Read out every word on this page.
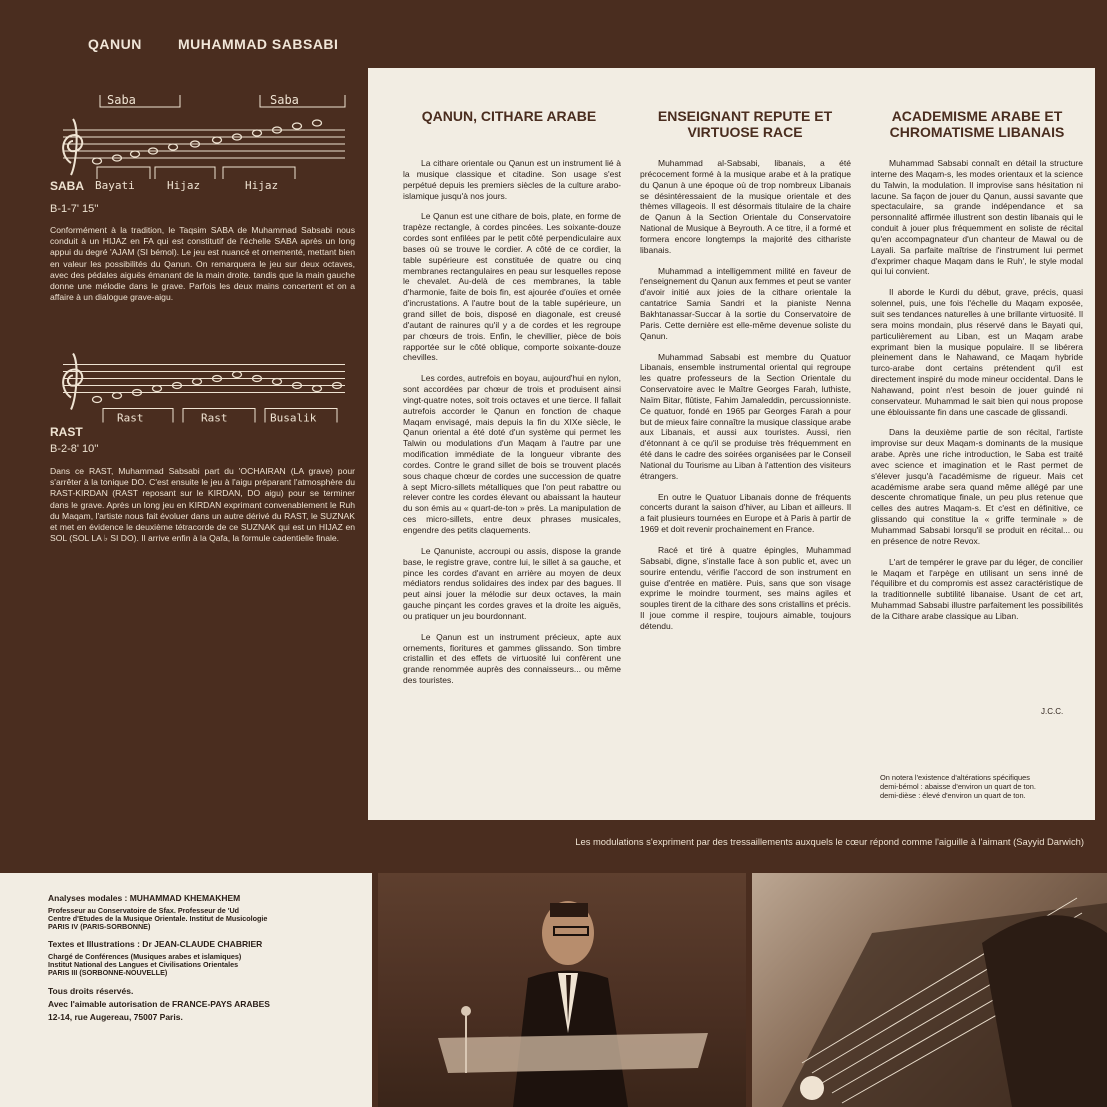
QANUN	MUHAMMAD SABSABI
Saba	Saba
Bayati	Hijaz	Hijaz
SABA
B-1-7' 15''
Conformément à la tradition, le Taqsim SABA de Muhammad Sabsabi nous conduit à un HIJAZ en FA qui est constitutif de l'échelle SABA après un long appui du degré 'AJAM (SI bémol). Le jeu est nuancé et ornementé, mettant bien en valeur les possibilités du Qanun. On remarquera le jeu sur deux octaves, avec des pédales aiguës émanant de la main droite. tandis que la main gauche donne une mélodie dans le grave. Parfois les deux mains concertent et on a affaire à un dialogue grave-aigu.
Rast	Rast	Busalik
RAST
B-2-8' 10''
Dans ce RAST, Muhammad Sabsabi part du 'OCHAIRAN (LA grave) pour s'arrêter à la tonique DO. C'est ensuite le jeu à l'aigu préparant l'atmosphère du RAST-KIRDAN (RAST reposant sur le KIRDAN, DO aigu) pour se terminer dans le grave. Après un long jeu en KIRDAN exprimant convenablement le Ruh du Maqam, l'artiste nous fait évoluer dans un autre dérivé du RAST, le SUZNAK et met en évidence le deuxième tétracorde de ce SUZNAK qui est un HIJAZ en SOL (SOL LA ♭ SI DO). Il arrive enfin à la Qafa, la formule cadentielle finale.
QANUN, CITHARE ARABE

La cithare orientale ou Qanun est un instrument lié à la musique classique et citadine. Son usage s'est perpétué depuis les premiers siècles de la culture arabo-islamique jusqu'à nos jours.

Le Qanun est une cithare de bois, plate, en forme de trapèze rectangle, à cordes pincées. Les soixante-douze cordes sont enfilées par le petit côté perpendiculaire aux bases où se trouve le cordier. A côté de ce cordier, la table supérieure est constituée de quatre ou cinq membranes rectangulaires en peau sur lesquelles repose le chevalet. Au-delà de ces membranes, la table d'harmonie, faite de bois fin, est ajourée d'ouïes et ornée d'incrustations. A l'autre bout de la table supérieure, un grand sillet de bois, disposé en diagonale, est creusé d'autant de rainures qu'il y a de cordes et les regroupe par chœurs de trois. Enfin, le chevillier, pièce de bois rapportée sur le côté oblique, comporte soixante-douze chevilles.

Les cordes, autrefois en boyau, aujourd'hui en nylon, sont accordées par chœur de trois et produisent ainsi vingt-quatre notes, soit trois octaves et une tierce. Il fallait autrefois accorder le Qanun en fonction de chaque Maqam envisagé, mais depuis la fin du XIXe siècle, le Qanun oriental a été doté d'un système qui permet les Talwin ou modulations d'un Maqam à l'autre par une modification immédiate de la longueur vibrante des cordes. Contre le grand sillet de bois se trouvent placés sous chaque chœur de cordes une succession de quatre à sept Micro-sillets métalliques que l'on peut rabattre ou relever contre les cordes élevant ou abaissant la hauteur du son émis au « quart-de-ton » près. La manipulation de ces micro-sillets, entre deux phrases musicales, engendre des petits claquements.

Le Qanuniste, accroupi ou assis, dispose la grande base, le registre grave, contre lui, le sillet à sa gauche, et pince les cordes d'avant en arrière au moyen de deux médiators rendus solidaires des index par des bagues. Il peut ainsi jouer la mélodie sur deux octaves, la main gauche pinçant les cordes graves et la droite les aiguës, ou pratiquer un jeu bourdonnant.

Le Qanun est un instrument précieux, apte aux ornements, fioritures et gammes glissando. Son timbre cristallin et des effets de virtuosité lui confèrent une grande renommée auprès des connaisseurs... ou même des touristes.

ENSEIGNANT REPUTE ET VIRTUOSE RACE

Muhammad al-Sabsabi, libanais, a été précocement formé à la musique arabe et à la pratique du Qanun à une époque où de trop nombreux Libanais se désintéressaient de la musique orientale et des thèmes villageois. Il est désormais titulaire de la chaire de Qanun à la Section Orientale du Conservatoire National de Musique à Beyrouth. A ce titre, il a formé et formera encore longtemps la majorité des cithariste libanais.

Muhammad a intelligemment milité en faveur de l'enseignement du Qanun aux femmes et peut se vanter d'avoir initié aux joies de la cithare orientale la cantatrice Samia Sandri et la pianiste Nenna Bakhtanassar-Succar à la sortie du Conservatoire de Paris. Cette dernière est elle-même devenue soliste du Qanun.

Muhammad Sabsabi est membre du Quatuor Libanais, ensemble instrumental oriental qui regroupe les quatre professeurs de la Section Orientale du Conservatoire avec le Maître Georges Farah, luthiste, Naïm Bitar, flûtiste, Fahim Jamaleddin, percussionniste. Ce quatuor, fondé en 1965 par Georges Farah a pour but de mieux faire connaître la musique classique arabe aux Libanais, et aussi aux touristes. Aussi, rien d'étonnant à ce qu'il se produise très fréquemment en été dans le cadre des soirées organisées par le Conseil National du Tourisme au Liban à l'attention des visiteurs étrangers.

En outre le Quatuor Libanais donne de fréquents concerts durant la saison d'hiver, au Liban et ailleurs. Il a fait plusieurs tournées en Europe et à Paris à partir de 1969 et doit revenir prochainement en France.

Racé et tiré à quatre épingles, Muhammad Sabsabi, digne, s'installe face à son public et, avec un sourire entendu, vérifie l'accord de son instrument en guise d'entrée en matière. Puis, sans que son visage exprime le moindre tourment, ses mains agiles et souples tirent de la cithare des sons cristallins et précis. Il joue comme il respire, toujours aimable, toujours détendu.

ACADEMISME ARABE ET CHROMATISME LIBANAIS

Muhammad Sabsabi connaît en détail la structure interne des Maqam-s, les modes orientaux et la science du Talwin, la modulation. Il improvise sans hésitation ni lacune. Sa façon de jouer du Qanun, aussi savante que spectaculaire, sa grande indépendance et sa personnalité affirmée illustrent son destin libanais qui le conduit à jouer plus fréquemment en soliste de récital qu'en accompagnateur d'un chanteur de Mawal ou de Layali. Sa parfaite maîtrise de l'instrument lui permet d'exprimer chaque Maqam dans le Ruh', le style modal qui lui convient.

Il aborde le Kurdi du début, grave, précis, quasi solennel, puis, une fois l'échelle du Maqam exposée, suit ses tendances naturelles à une brillante virtuosité. Il sera moins mondain, plus réservé dans le Bayati qui, particulièrement au Liban, est un Maqam arabe exprimant bien la musique populaire. Il se libérera pleinement dans le Nahawand, ce Maqam hybride turco-arabe dont certains prétendent qu'il est directement inspiré du mode mineur occidental. Dans le Nahawand, point n'est besoin de jouer guindé ni conservateur. Muhammad le sait bien qui nous propose une éblouissante fin dans une cascade de glissandi.

Dans la deuxième partie de son récital, l'artiste improvise sur deux Maqam-s dominants de la musique arabe. Après une riche introduction, le Saba est traité avec science et imagination et le Rast permet de s'élever jusqu'à l'académisme de rigueur. Mais cet académisme arabe sera quand même allégé par une descente chromatique finale, un peu plus retenue que celles des autres Maqam-s. Et c'est en définitive, ce glissando qui constitue la « griffe terminale » de Muhammad Sabsabi lorsqu'il se produit en récital... ou en présence de notre Revox.

L'art de tempérer le grave par du léger, de concilier le Maqam et l'arpège en utilisant un sens inné de l'équilibre et du compromis est assez caractéristique de la traditionnelle subtilité libanaise. Usant de cet art, Muhammad Sabsabi illustre parfaitement les possibilités de la Cithare arabe classique au Liban.

J.C.C.
On notera l'existence d'altérations spécifiques
demi-bémol : abaisse d'environ un quart de ton.
demi-dièse : élevé d'environ un quart de ton.
Les modulations s'expriment par des tressaillements auxquels le cœur répond comme l'aiguille à l'aimant (Sayyid Darwich)
Analyses modales : MUHAMMAD KHEMAKHEM
Professeur au Conservatoire de Sfax. Professeur de 'Ud
Centre d'Etudes de la Musique Orientale. Institut de Musicologie
PARIS IV (PARIS-SORBONNE)
Textes et Illustrations : Dr JEAN-CLAUDE CHABRIER
Chargé de Conférences (Musiques arabes et islamiques)
Institut National des Langues et Civilisations Orientales
PARIS III (SORBONNE-NOUVELLE)
Tous droits réservés.
Avec l'aimable autorisation de FRANCE-PAYS ARABES
12-14, rue Augereau, 75007 Paris.
